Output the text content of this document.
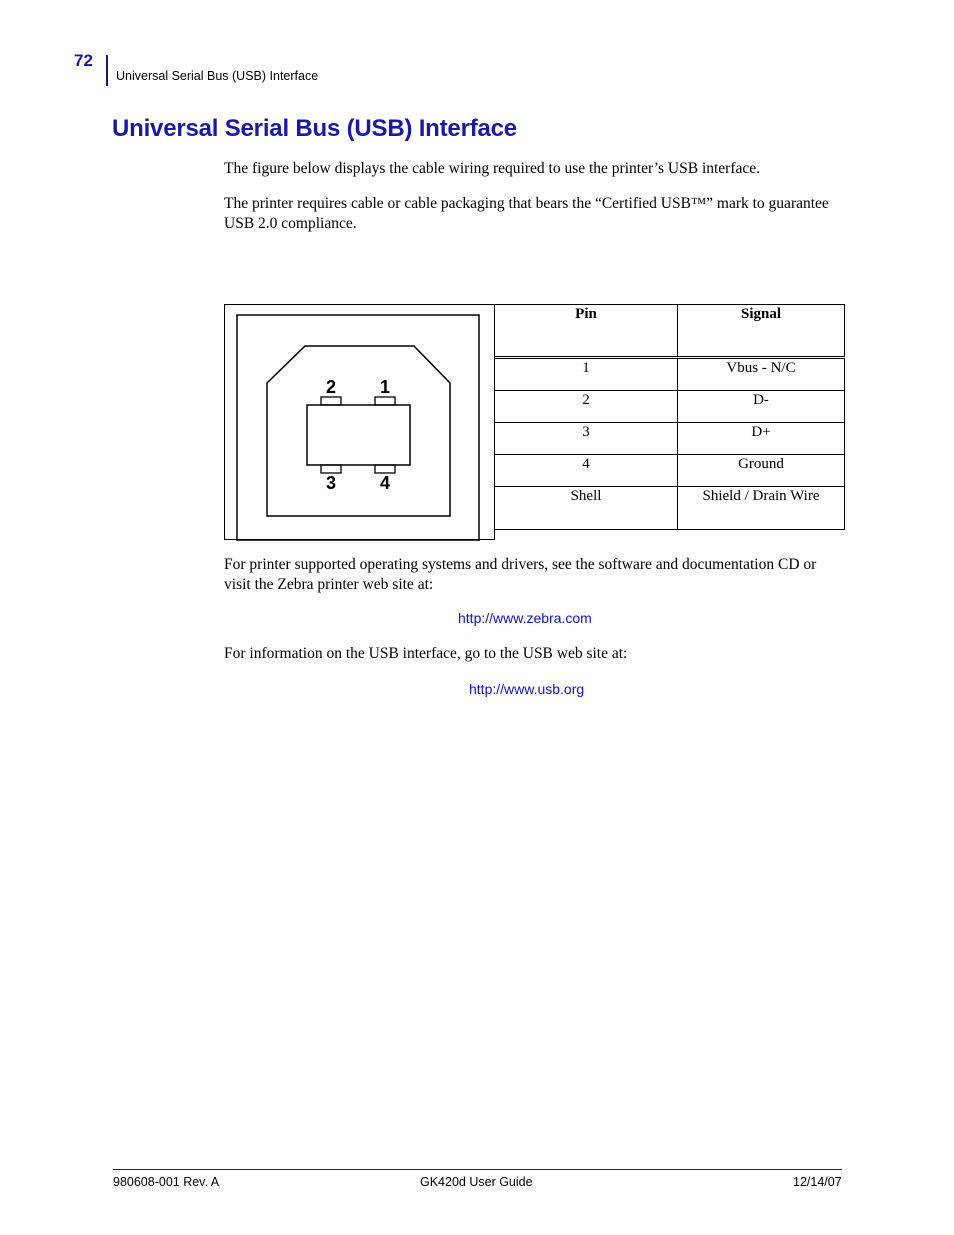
72
Universal Serial Bus (USB) Interface
Universal Serial Bus (USB) Interface

The figure below displays the cable wiring required to use the printer’s USB interface.

The printer requires cable or cable packaging that bears the “Certified USB™” mark to guarantee USB 2.0 compliance.

2 1
3 4
Pin	Signal
1	Vbus - N/C
2	D-
3	D+
4	Ground
Shell	Shield / Drain Wire

For printer supported operating systems and drivers, see the software and documentation CD or visit the Zebra printer web site at:

http://www.zebra.com

For information on the USB interface, go to the USB web site at:

http://www.usb.org
980608-001 Rev. A	GK420d User Guide	12/14/07
